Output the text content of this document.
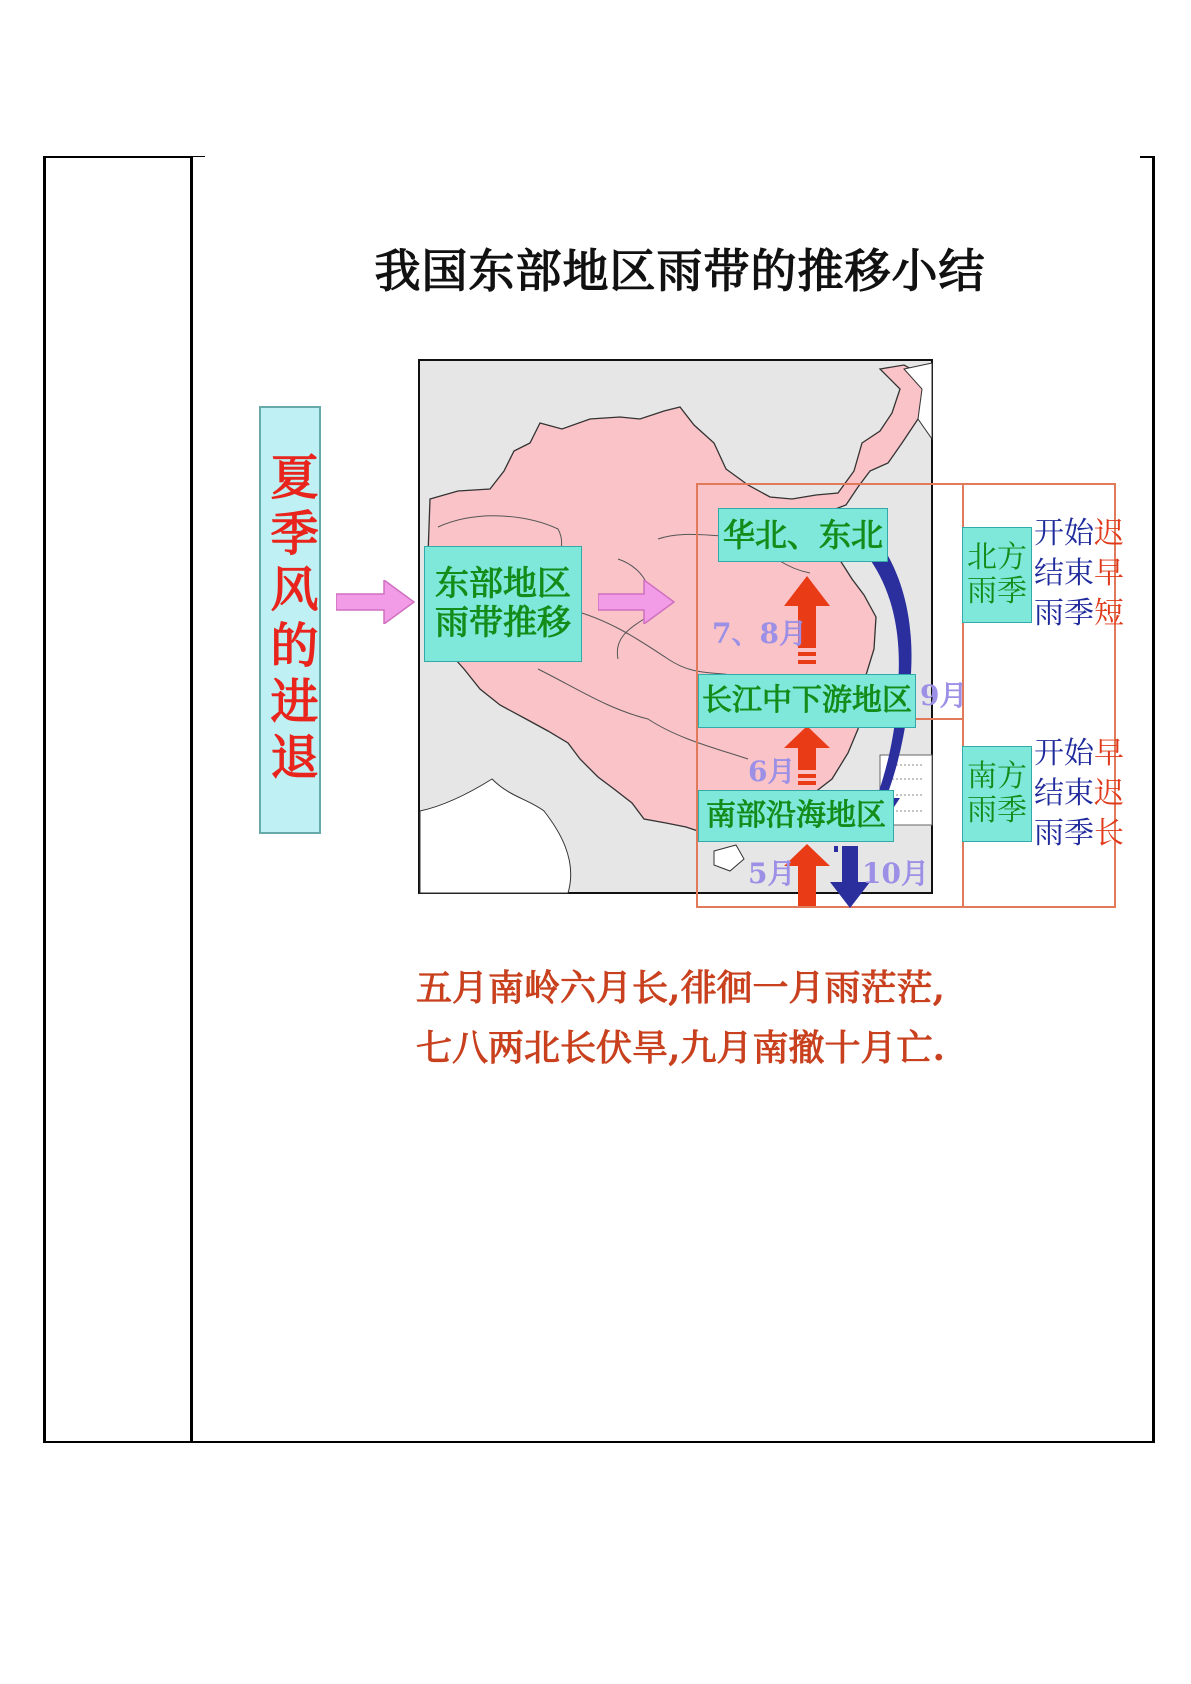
我国东部地区雨带的推移小结
夏季风的进退	东部地区
雨带推移
华北、东北
长江中下游地区
南部沿海地区
7、8月
6月
5月
9月
10月
北方
雨季
开始迟
结束早
雨季短
南方
雨季
开始早
结束迟
雨季长
五月南岭六月长,徘徊一月雨茫茫,
七八两北长伏旱,九月南撤十月亡.
